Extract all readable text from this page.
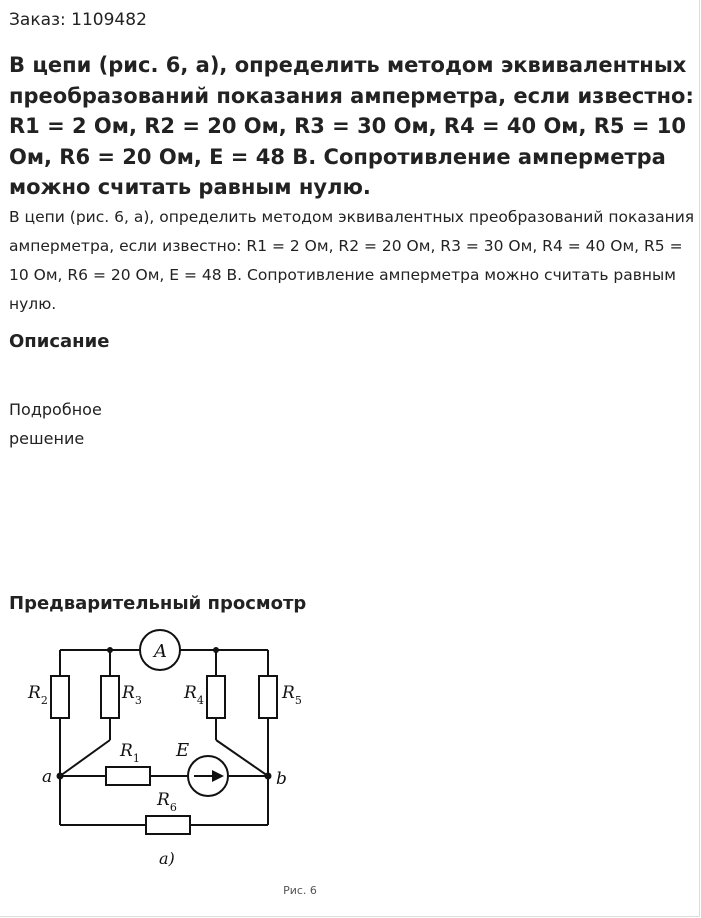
Заказ: 1109482
В цепи (рис. 6, а), определить методом эквивалентных преобразований показания амперметра, если известно: R1 = 2 Ом, R2 = 20 Ом, R3 = 30 Ом, R4 = 40 Ом, R5 = 10 Ом, R6 = 20 Ом, E = 48 В. Сопротивление амперметра можно считать равным нулю.

В цепи (рис. 6, а), определить методом эквивалентных преобразований показания амперметра, если известно: R1 = 2 Ом, R2 = 20 Ом, R3 = 30 Ом, R4 = 40 Ом, R5 = 10 Ом, R6 = 20 Ом, E = 48 В. Сопротивление амперметра можно считать равным нулю.

Описание
Подробное
решение
Предварительный просмотр
A
$R_2$	$R_3$ $R_4$	$R_5$
$R_1$ E
$R_6$
a	b
а)
Рис. 6
